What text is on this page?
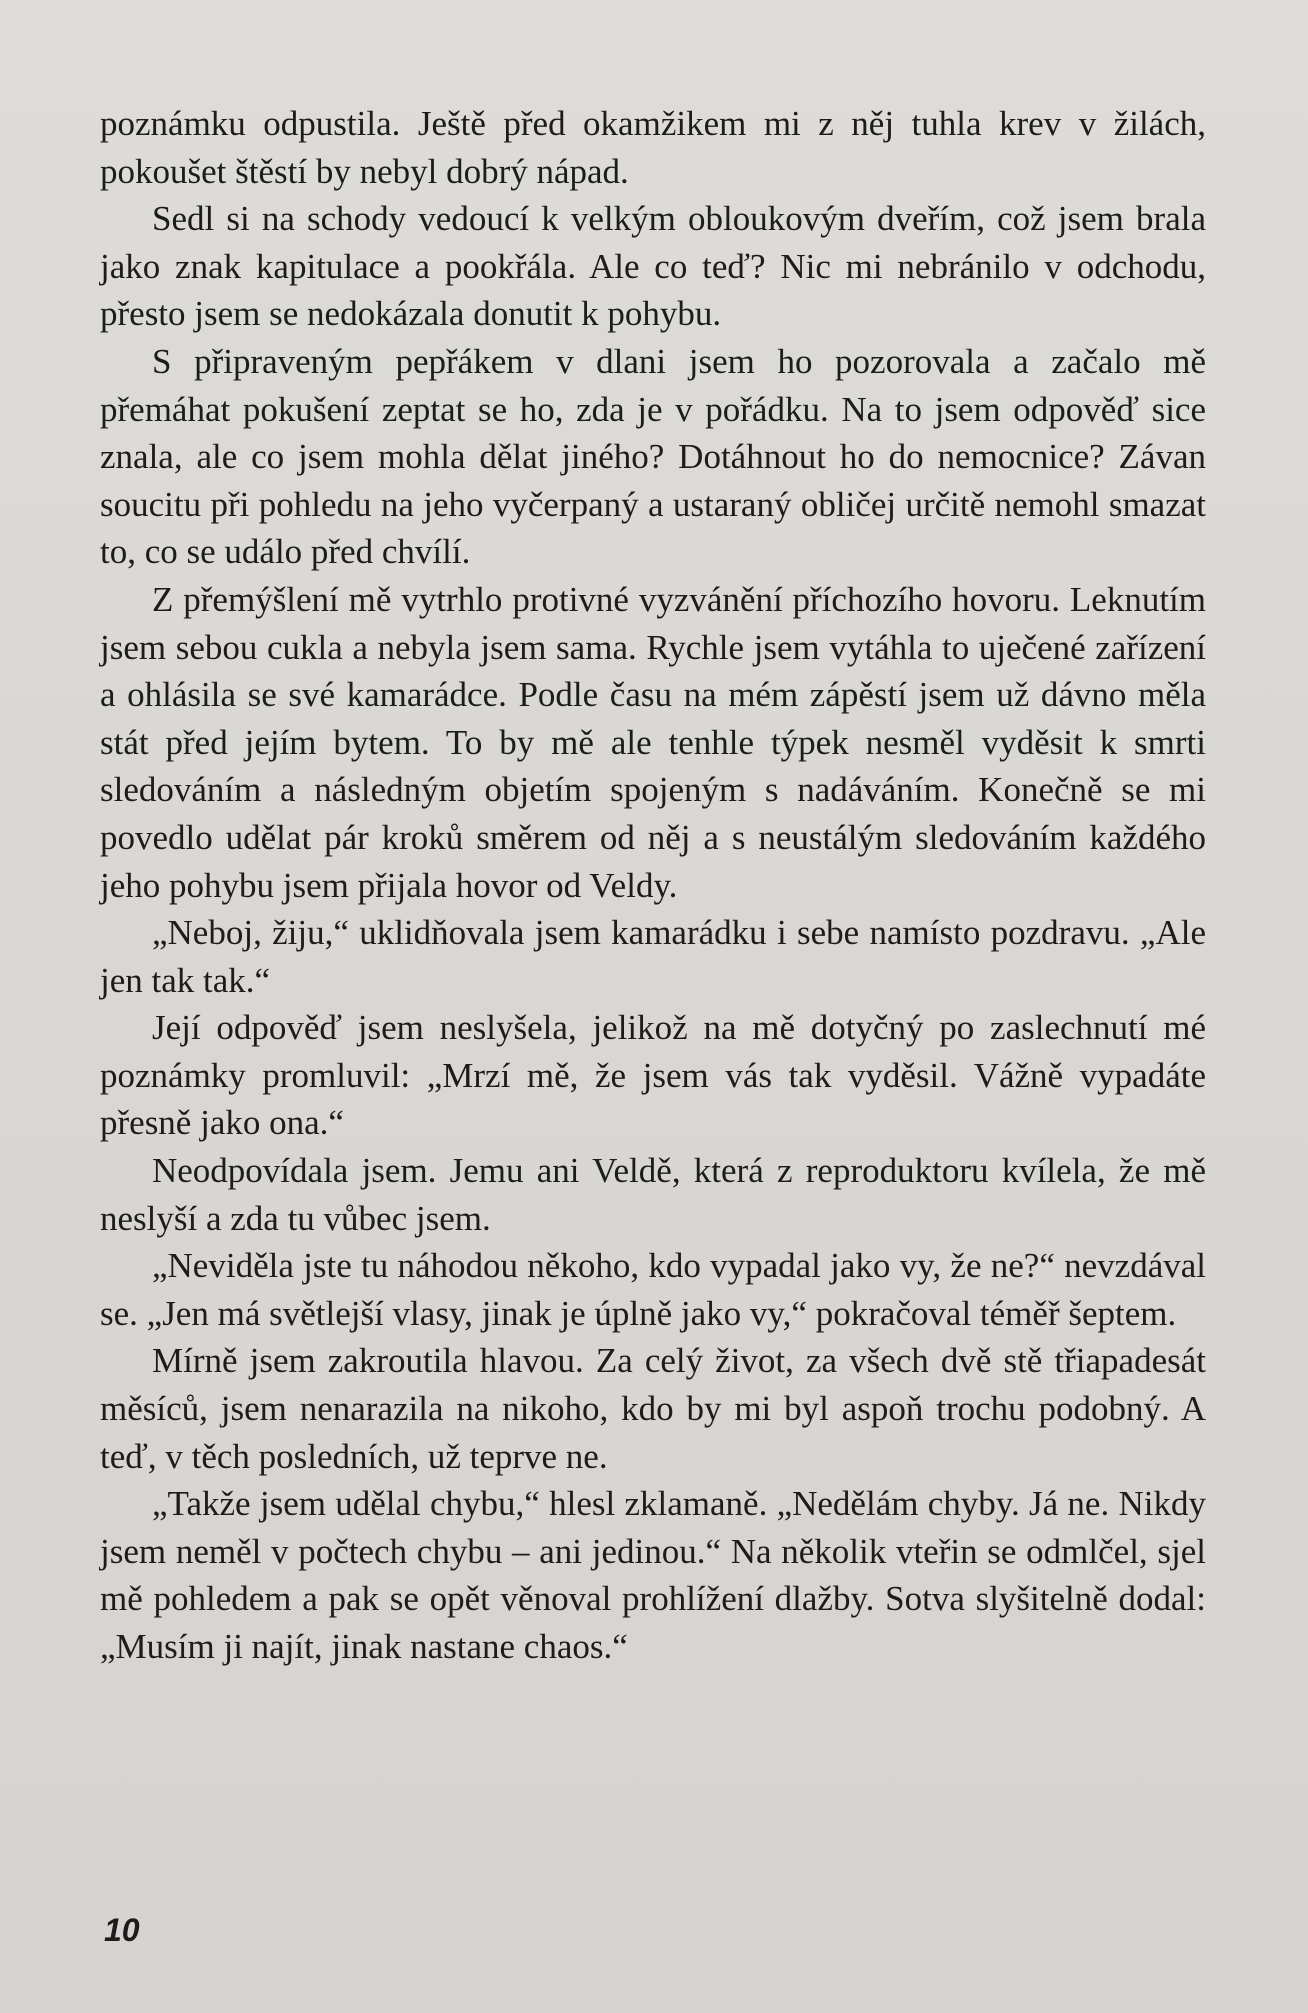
poznámku odpustila. Ještě před okamžikem mi z něj tuhla krev v žilách, pokoušet štěstí by nebyl dobrý nápad.

Sedl si na schody vedoucí k velkým obloukovým dveřím, což jsem brala jako znak kapitulace a pookřála. Ale co teď? Nic mi nebránilo v odchodu, přesto jsem se nedokázala donutit k pohybu.

S připraveným pepřákem v dlani jsem ho pozorovala a začalo mě přemáhat pokušení zeptat se ho, zda je v pořádku. Na to jsem odpověď sice znala, ale co jsem mohla dělat jiného? Dotáhnout ho do nemocnice? Závan soucitu při pohledu na jeho vyčerpaný a ustaraný obličej určitě nemohl smazat to, co se událo před chvílí.

Z přemýšlení mě vytrhlo protivné vyzvánění příchozího hovoru. Leknutím jsem sebou cukla a nebyla jsem sama. Rychle jsem vytáhla to uječené zařízení a ohlásila se své kamarádce. Podle času na mém zápěstí jsem už dávno měla stát před jejím bytem. To by mě ale tenhle týpek nesměl vyděsit k smrti sledováním a následným objetím spojeným s nadáváním. Konečně se mi povedlo udělat pár kroků směrem od něj a s neustálým sledováním každého jeho pohybu jsem přijala hovor od Veldy.

„Neboj, žiju,“ uklidňovala jsem kamarádku i sebe namísto pozdravu. „Ale jen tak tak.“

Její odpověď jsem neslyšela, jelikož na mě dotyčný po zaslechnutí mé poznámky promluvil: „Mrzí mě, že jsem vás tak vyděsil. Vážně vypadáte přesně jako ona.“

Neodpovídala jsem. Jemu ani Veldě, která z reproduktoru kvílela, že mě neslyší a zda tu vůbec jsem.

„Neviděla jste tu náhodou někoho, kdo vypadal jako vy, že ne?“ nevzdával se. „Jen má světlejší vlasy, jinak je úplně jako vy,“ pokračoval téměř šeptem.

Mírně jsem zakroutila hlavou. Za celý život, za všech dvě stě třiapadesát měsíců, jsem nenarazila na nikoho, kdo by mi byl aspoň trochu podobný. A teď, v těch posledních, už teprve ne.

„Takže jsem udělal chybu,“ hlesl zklamaně. „Nedělám chyby. Já ne. Nikdy jsem neměl v počtech chybu – ani jedinou.“ Na několik vteřin se odmlčel, sjel mě pohledem a pak se opět věnoval prohlížení dlažby. Sotva slyšitelně dodal: „Musím ji najít, jinak nastane chaos.“

10
